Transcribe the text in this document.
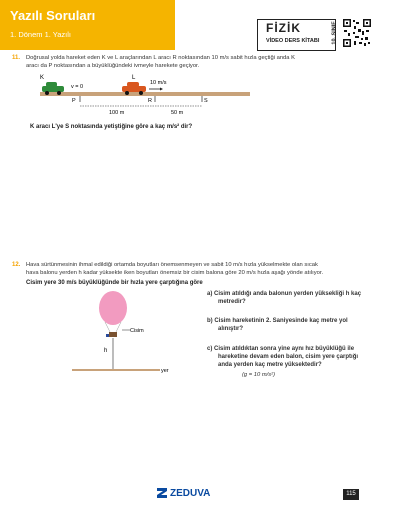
Yazılı Soruları
1. Dönem 1. Yazılı	FİZİK
VİDEO DERS KİTABI 10. SINIF
11. Doğrusal yolda hareket eden K ve L araçlarından L aracı R noktasından 10 m/s sabit hızla geçtiği anda K
aracı da P noktasından a büyüklüğündeki ivmeyle harekete geçiyor.
K	L
v = 0
10 m/s
P	R	S
100 m	50 m
K aracı L'ye S noktasında yetiştiğine göre a kaç m/s² dir?
12. Hava sürtünmesinin ihmal edildiği ortamda boyutları önemsenmeyen ve sabit 10 m/s hızla yükselmekte olan sıcak
hava balonu yerden h kadar yüksekte iken boyutları önemsiz bir cisim balona göre 20 m/s hızla aşağı yönde atılıyor.
Cisim yere 30 m/s büyüklüğünde bir hızla yere çarptığına göre
Cisim
h
yer
a) Cisim atıldığı anda balonun yerden yüksekliği h kaç
metredir?
b) Cisim hareketinin 2. Saniyesinde kaç metre yol
alınıştır?
c) Cisim atıldıktan sonra yine aynı hız büyüklüğü ile
hareketine devam eden balon, cisim yere çarptığı
anda yerden kaç metre yüksektedir?
(g = 10 m/s²)
ZEDUVA	115
